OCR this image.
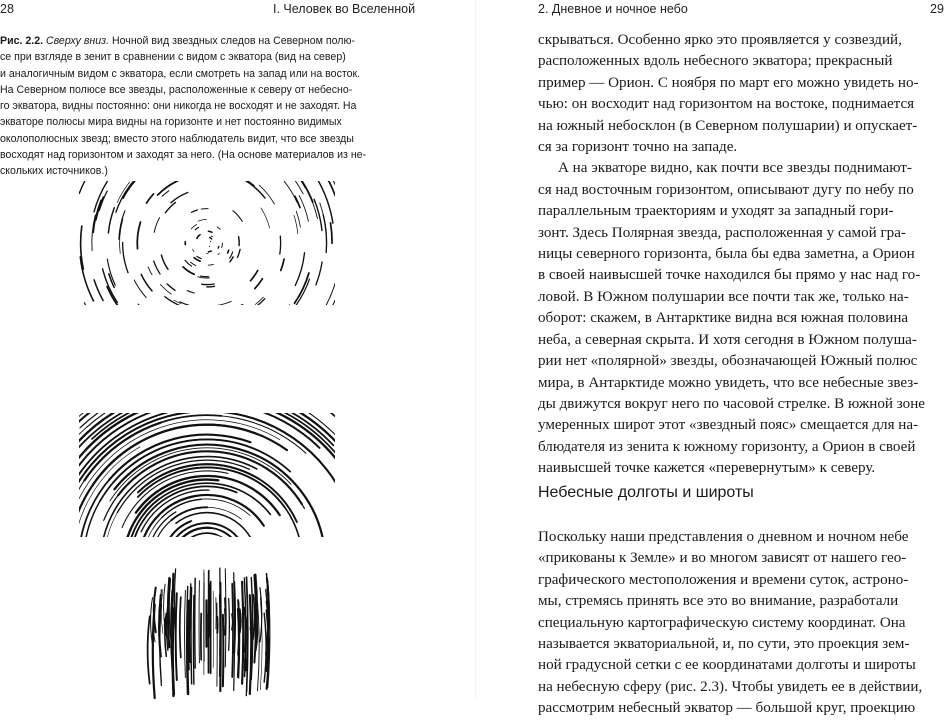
28	I. Человек во Вселенной
Рис. 2.2. Сверху вниз. Ночной вид звездных следов на Северном полю-
се при взгляде в зенит в сравнении с видом с экватора (вид на север)
и аналогичным видом с экватора, если смотреть на запад или на восток.
На Северном полюсе все звезды, расположенные к северу от небесно-
го экватора, видны постоянно: они никогда не восходят и не заходят. На
экваторе полюсы мира видны на горизонте и нет постоянно видимых
околополюсных звезд; вместо этого наблюдатель видит, что все звезды
восходят над горизонтом и заходят за него. (На основе материалов из не-
скольких источников.)
2. Дневное и ночное небо	29
скрываться. Особенно ярко это проявляется у созвездий,
расположенных вдоль небесного экватора; прекрасный
пример — Орион. С ноября по март его можно увидеть но-
чью: он восходит над горизонтом на востоке, поднимается
на южный небосклон (в Северном полушарии) и опускает-
ся за горизонт точно на западе.
А на экваторе видно, как почти все звезды поднимают-
ся над восточным горизонтом, описывают дугу по небу по
параллельным траекториям и уходят за западный гори-
зонт. Здесь Полярная звезда, расположенная у самой гра-
ницы северного горизонта, была бы едва заметна, а Орион
в своей наивысшей точке находился бы прямо у нас над го-
ловой. В Южном полушарии все почти так же, только на-
оборот: скажем, в Антарктике видна вся южная половина
неба, а северная скрыта. И хотя сегодня в Южном полуша-
рии нет «полярной» звезды, обозначающей Южный полюс
мира, в Антарктиде можно увидеть, что все небесные звез-
ды движутся вокруг него по часовой стрелке. В южной зоне
умеренных широт этот «звездный пояс» смещается для на-
блюдателя из зенита к южному горизонту, а Орион в своей
наивысшей точке кажется «перевернутым» к северу.
Небесные долготы и широты
Поскольку наши представления о дневном и ночном небе
«прикованы к Земле» и во многом зависят от нашего гео-
графического местоположения и времени суток, астроно-
мы, стремясь принять все это во внимание, разработали
специальную картографическую систему координат. Она
называется экваториальной, и, по сути, это проекция зем-
ной градусной сетки с ее координатами долготы и широты
на небесную сферу (рис. 2.3). Чтобы увидеть ее в действии,
рассмотрим небесный экватор — большой круг, проекцию
